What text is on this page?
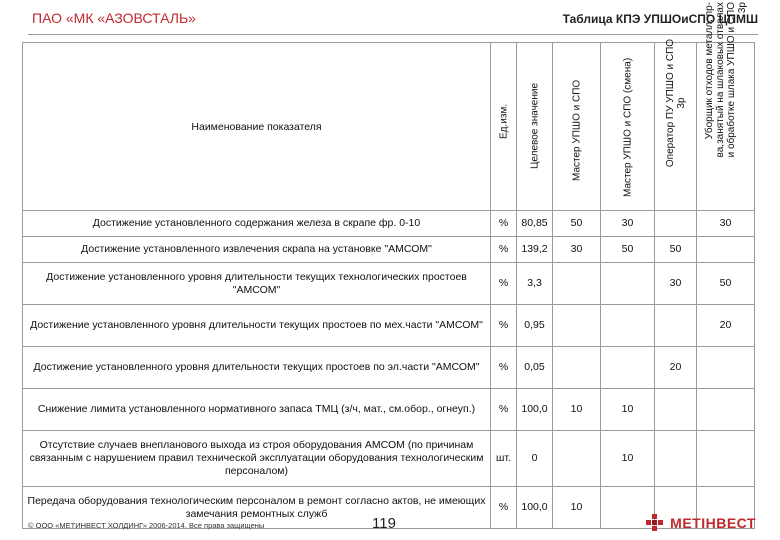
ПАО «МК «АЗОВСТАЛЬ»	Таблица КПЭ УПШОиСПО ЦПМШ
Наименование показателя	Ед.изм.	Целевое значение	Мастер УПШО и СПО	Мастер УПШО и СПО (смена)	Оператор ПУ УПШО и СПО 3р	Уборщик отходов металл. пр-ва,занятый на шлаковых отвалах и обработке шлака УПШО и СПО 3р

Достижение установленного содержания железа в скрапе фр. 0-10	%	80,85	50	30		30
Достижение установленного извлечения скрапа на установке "АМСОМ"	%	139,2	30	50	50	
Достижение установленного уровня длительности текущих технологических простоев "АМСОМ"	%	3,3			30	50
Достижение установленного уровня длительности текущих простоев по мех.части "АМСОМ"	%	0,95				20
Достижение установленного уровня длительности текущих простоев по эл.части "АМСОМ"	%	0,05			20	
Снижение лимита установленного нормативного запаса ТМЦ (з/ч, мат., см.обор., огнеуп.)	%	100,0	10	10		
Отсутствие случаев внепланового выхода из строя оборудования АМСОМ (по причинам связанным с нарушением правил технической эксплуатации оборудования технологическим персоналом)	шт.	0		10		
Передача оборудования технологическим персоналом в ремонт согласно актов, не имеющих замечания ремонтных служб	%	100,0	10			
© ООО «МЕТИНВЕСТ ХОЛДИНГ» 2006-2014. Все права защищены	119	МЕТІНВЕСТ
